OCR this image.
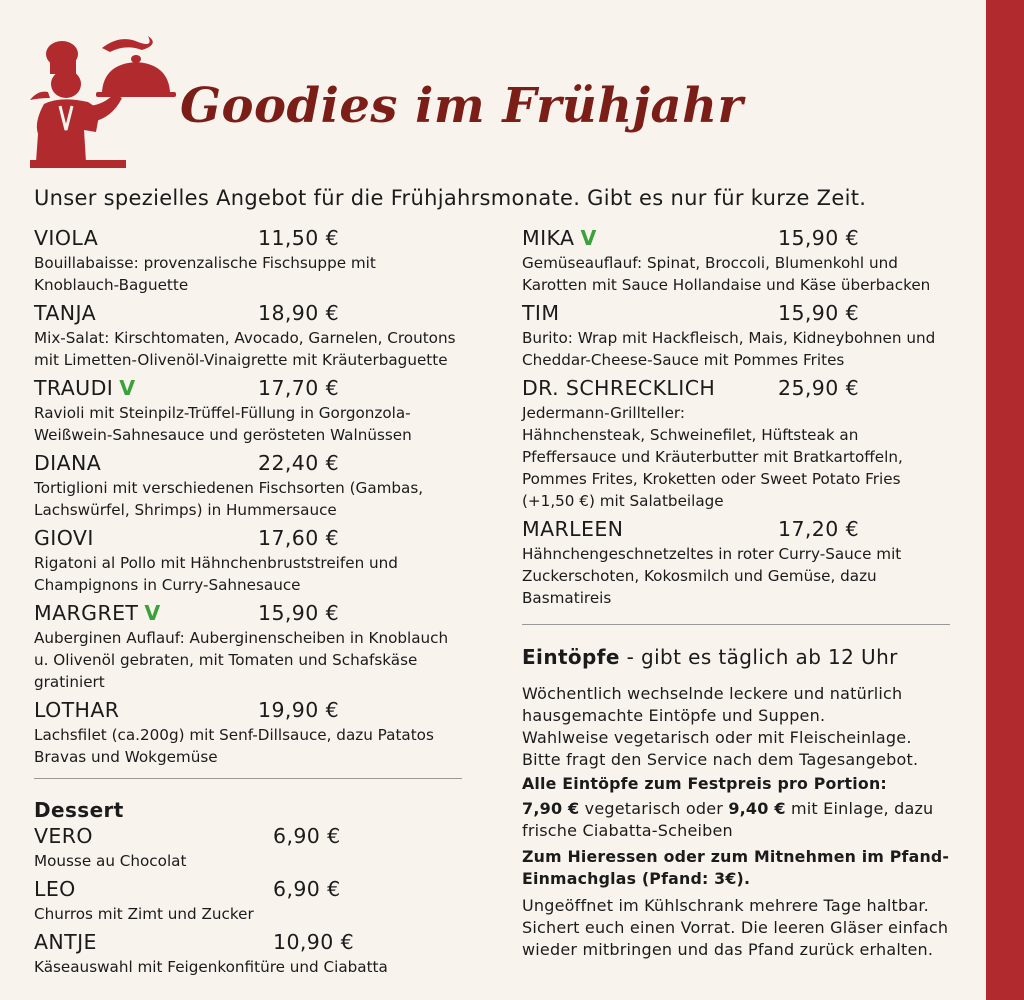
Goodies im Frühjahr
Unser spezielles Angebot für die Frühjahrsmonate. Gibt es nur für kurze Zeit.
VIOLA	11,50 €
Bouillabaisse: provenzalische Fischsuppe mit
Knoblauch-Baguette
TANJA	18,90 €
Mix-Salat: Kirschtomaten, Avocado, Garnelen, Croutons
mit Limetten-Olivenöl-Vinaigrette mit Kräuterbaguette
TRAUDI V	17,70 €
Ravioli mit Steinpilz-Trüffel-Füllung in Gorgonzola-
Weißwein-Sahnesauce und gerösteten Walnüssen
DIANA	22,40 €
Tortiglioni mit verschiedenen Fischsorten (Gambas,
Lachswürfel, Shrimps) in Hummersauce
GIOVI	17,60 €
Rigatoni al Pollo mit Hähnchenbruststreifen und
Champignons in Curry-Sahnesauce
MARGRET V	15,90 €
Auberginen Auflauf: Auberginenscheiben in Knoblauch
u. Olivenöl gebraten, mit Tomaten und Schafskäse
gratiniert
LOTHAR	19,90 €
Lachsfilet (ca.200g) mit Senf-Dillsauce, dazu Patatos
Bravas und Wokgemüse
Dessert
VERO	6,90 €
Mousse au Chocolat
LEO	6,90 €
Churros mit Zimt und Zucker
ANTJE	10,90 €
Käseauswahl mit Feigenkonfitüre und Ciabatta
MIKA V	15,90 €
Gemüseauflauf: Spinat, Broccoli, Blumenkohl und
Karotten mit Sauce Hollandaise und Käse überbacken
TIM	15,90 €
Burito: Wrap mit Hackfleisch, Mais, Kidneybohnen und
Cheddar-Cheese-Sauce mit Pommes Frites
DR. SCHRECKLICH	25,90 €
Jedermann-Grillteller:
Hähnchensteak, Schweinefilet, Hüftsteak an
Pfeffersauce und Kräuterbutter mit Bratkartoffeln,
Pommes Frites, Kroketten oder Sweet Potato Fries
(+1,50 €) mit Salatbeilage
MARLEEN	17,20 €
Hähnchengeschnetzeltes in roter Curry-Sauce mit
Zuckerschoten, Kokosmilch und Gemüse, dazu
Basmatireis
Eintöpfe - gibt es täglich ab 12 Uhr
Wöchentlich wechselnde leckere und natürlich
hausgemachte Eintöpfe und Suppen.
Wahlweise vegetarisch oder mit Fleischeinlage.
Bitte fragt den Service nach dem Tagesangebot.
Alle Eintöpfe zum Festpreis pro Portion:
7,90 € vegetarisch oder 9,40 € mit Einlage, dazu
frische Ciabatta-Scheiben
Zum Hieressen oder zum Mitnehmen im Pfand-
Einmachglas (Pfand: 3€).
Ungeöffnet im Kühlschrank mehrere Tage haltbar.
Sichert euch einen Vorrat. Die leeren Gläser einfach
wieder mitbringen und das Pfand zurück erhalten.
